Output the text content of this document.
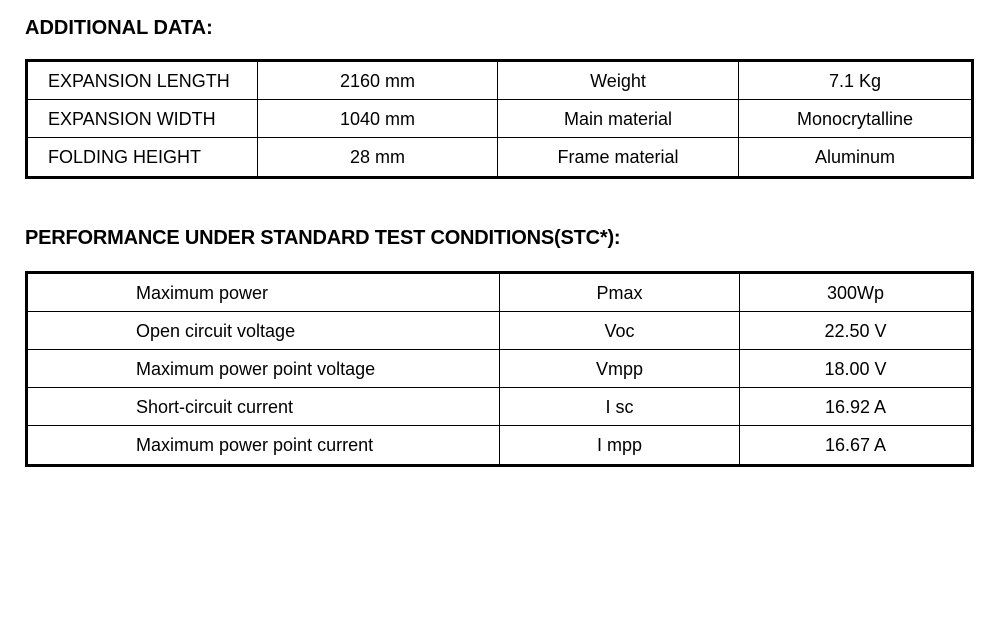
ADDITIONAL DATA:
EXPANSION LENGTH	2160 mm	Weight	7.1 Kg
EXPANSION WIDTH	1040 mm	Main material	Monocrytalline
FOLDING HEIGHT	28 mm	Frame material	Aluminum
PERFORMANCE UNDER STANDARD TEST CONDITIONS(STC*):
Maximum power	Pmax	300Wp
Open circuit voltage	Voc	22.50 V
Maximum power point voltage	Vmpp	18.00 V
Short-circuit current	I sc	16.92 A
Maximum power point current	I mpp	16.67 A
